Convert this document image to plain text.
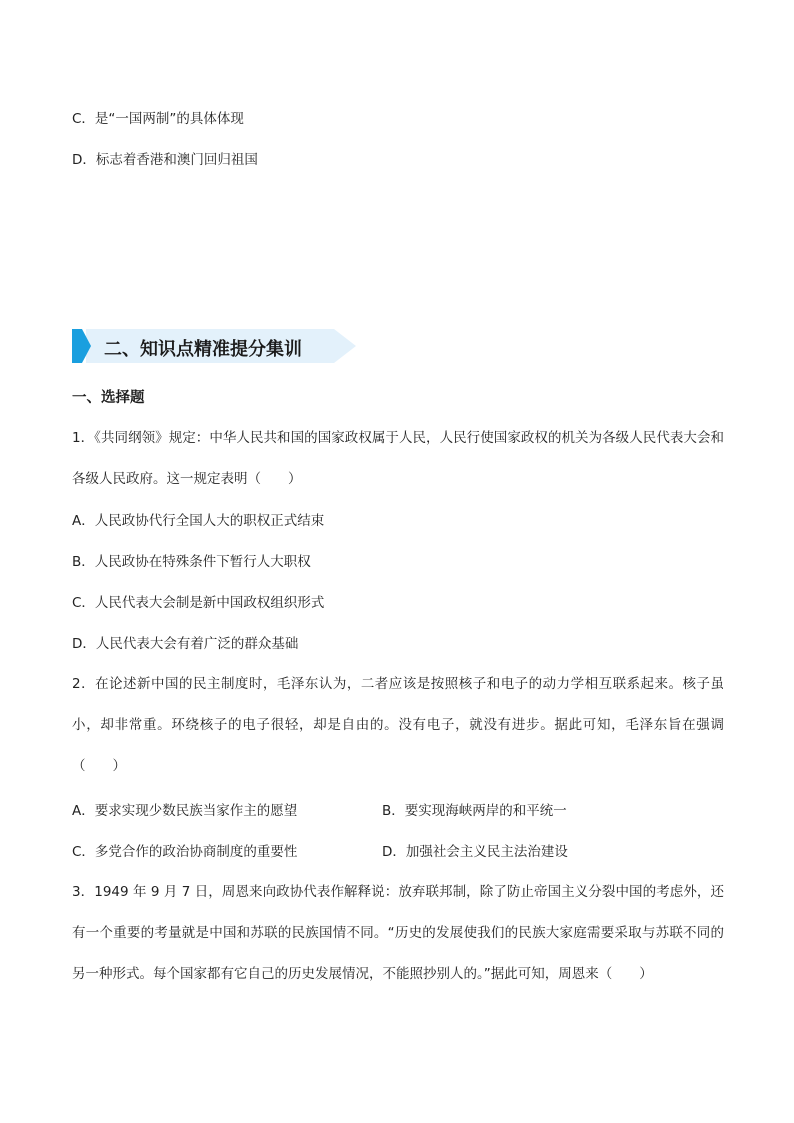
C．是“一国两制”的具体体现
D．标志着香港和澳门回归祖国
二、知识点精准提分集训
一、选择题
1．《共同纲领》规定：中华人民共和国的国家政权属于人民，人民行使国家政权的机关为各级人民代表大会和各级人民政府。这一规定表明（　　）
A．人民政协代行全国人大的职权正式结束
B．人民政协在特殊条件下暂行人大职权
C．人民代表大会制是新中国政权组织形式
D．人民代表大会有着广泛的群众基础
2．在论述新中国的民主制度时，毛泽东认为，二者应该是按照核子和电子的动力学相互联系起来。核子虽小，却非常重。环绕核子的电子很轻，却是自由的。没有电子，就没有进步。据此可知，毛泽东旨在强调（　　）
A．要求实现少数民族当家作主的愿望	B．要实现海峡两岸的和平统一
C．多党合作的政治协商制度的重要性	D．加强社会主义民主法治建设
3．1949 年 9 月 7 日，周恩来向政协代表作解释说：放弃联邦制，除了防止帝国主义分裂中国的考虑外，还有一个重要的考量就是中国和苏联的民族国情不同。“历史的发展使我们的民族大家庭需要采取与苏联不同的另一种形式。每个国家都有它自己的历史发展情况，不能照抄别人的。”据此可知，周恩来（　　）
